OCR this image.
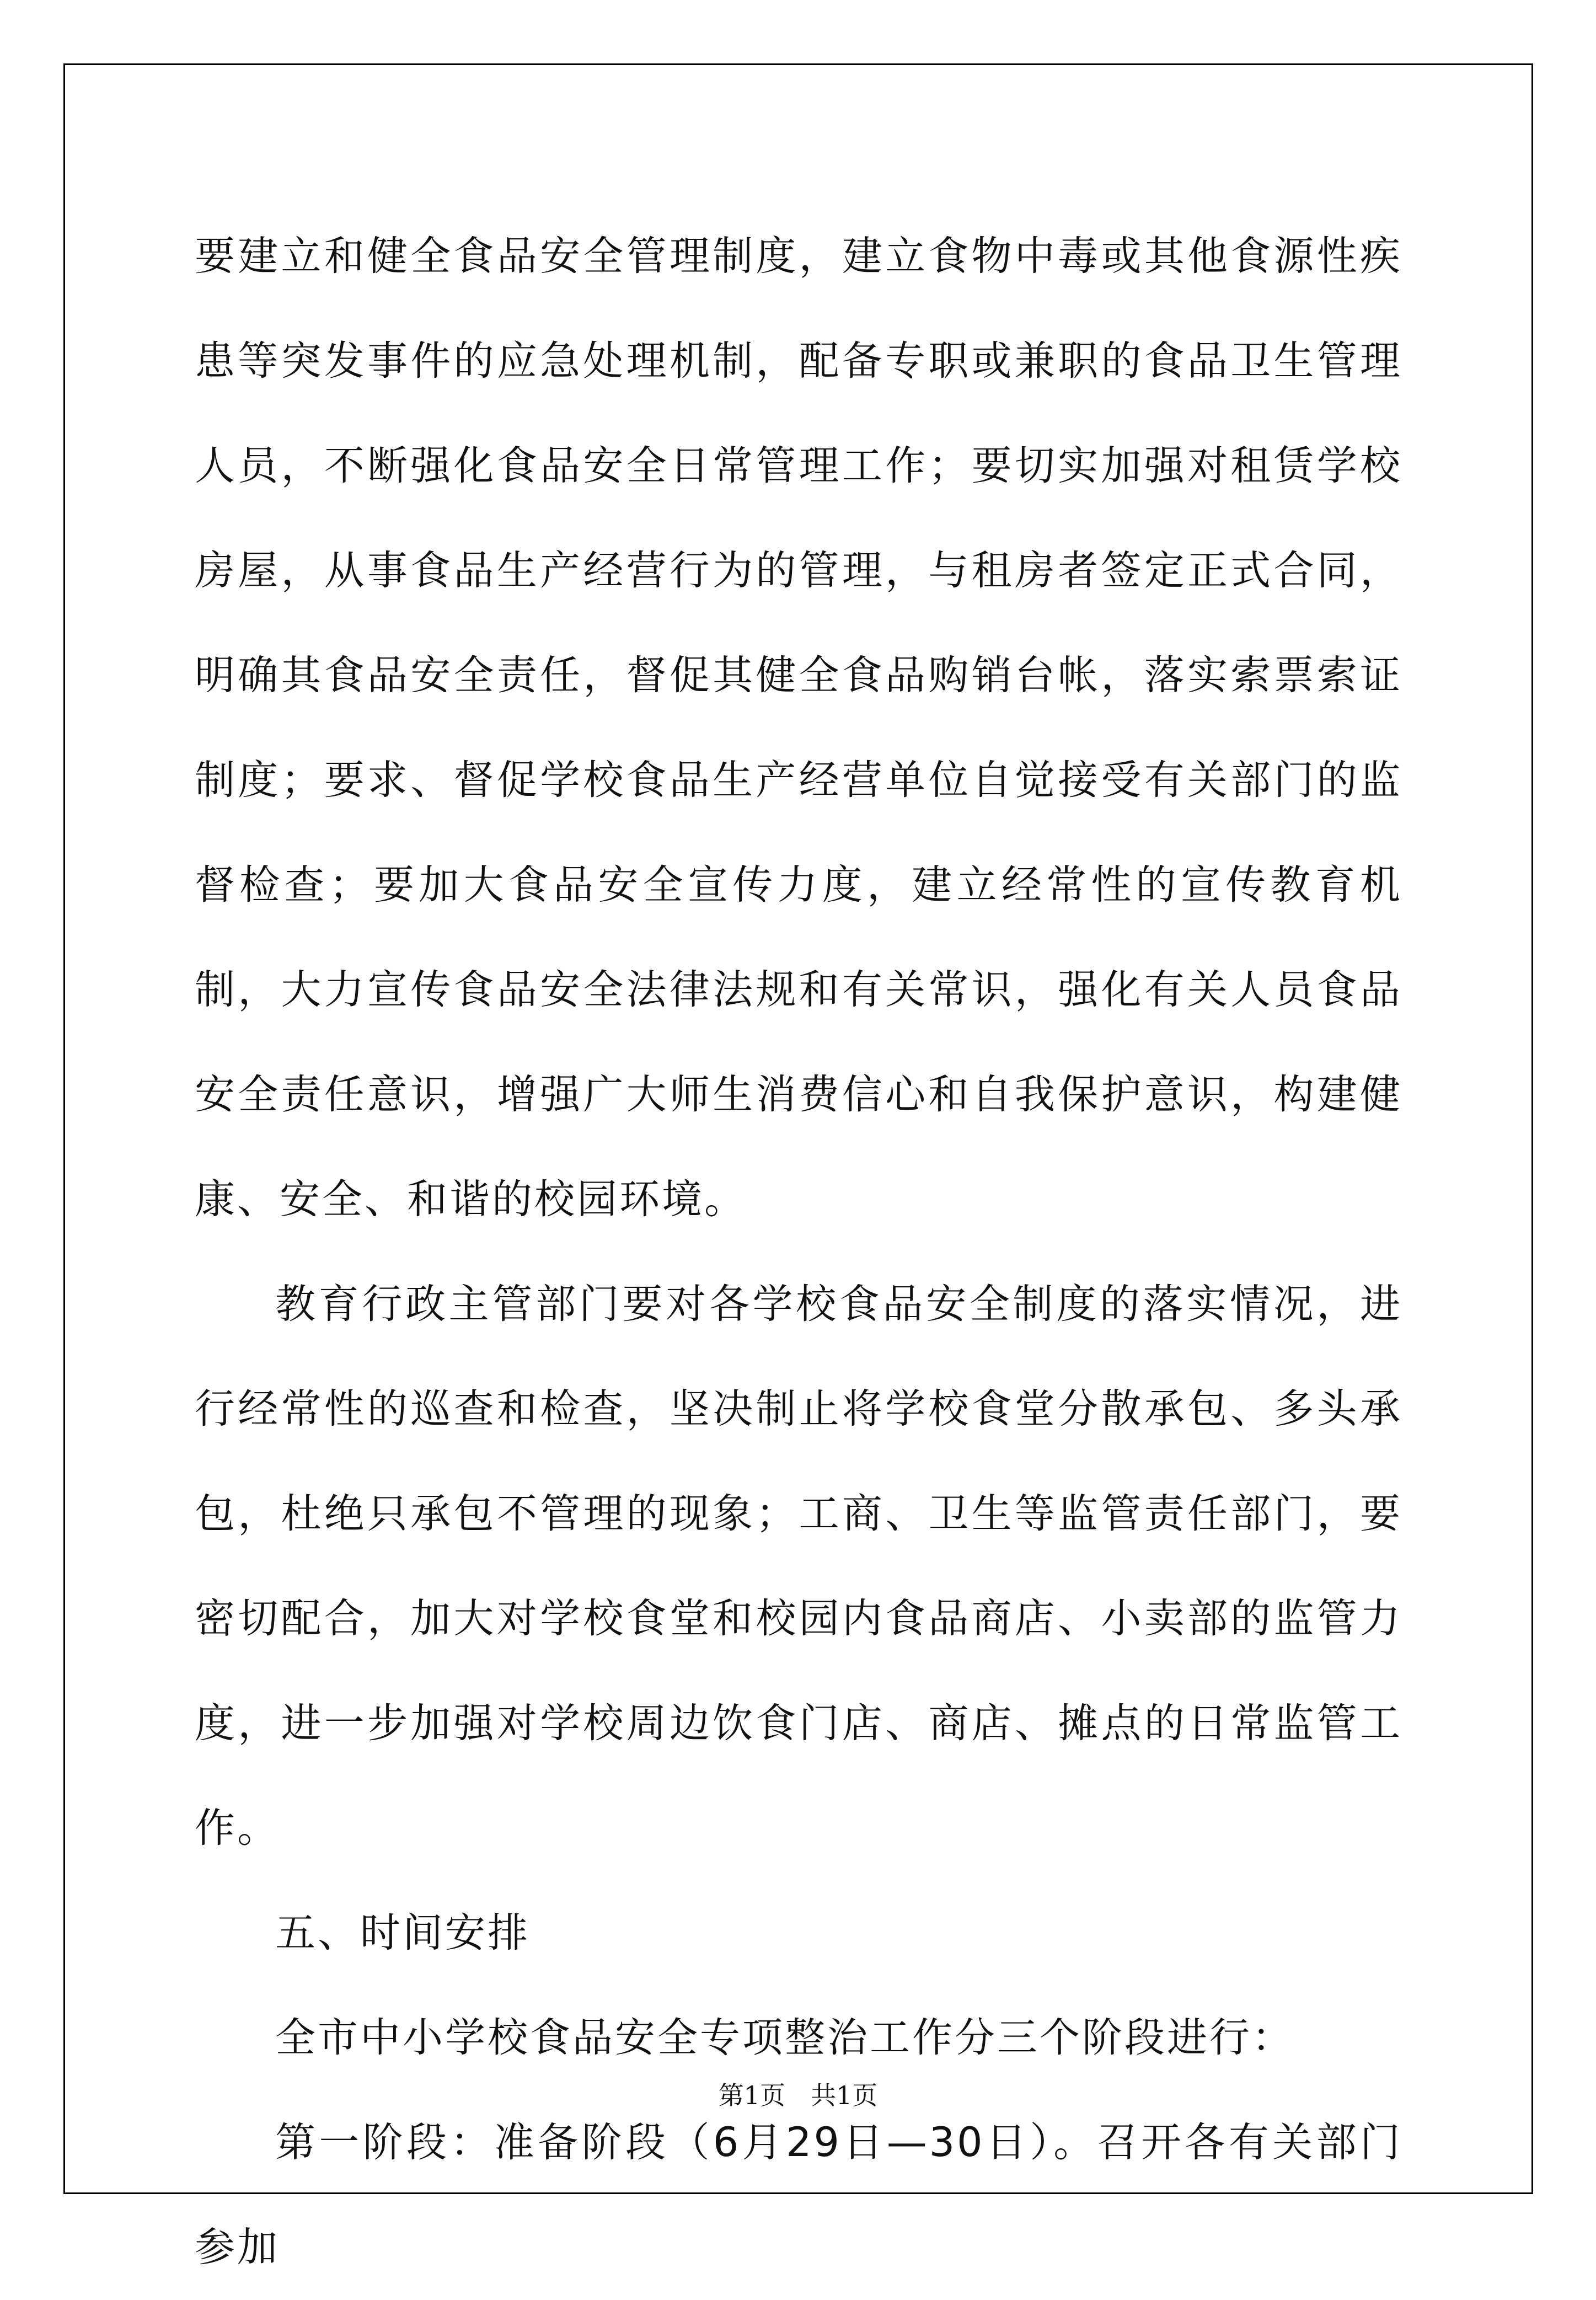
要建立和健全食品安全管理制度，建立食物中毒或其他食源性疾患等突发事件的应急处理机制，配备专职或兼职的食品卫生管理人员，不断强化食品安全日常管理工作；要切实加强对租赁学校房屋，从事食品生产经营行为的管理，与租房者签定正式合同，明确其食品安全责任，督促其健全食品购销台帐，落实索票索证制度；要求、督促学校食品生产经营单位自觉接受有关部门的监督检查；要加大食品安全宣传力度，建立经常性的宣传教育机制，大力宣传食品安全法律法规和有关常识，强化有关人员食品安全责任意识，增强广大师生消费信心和自我保护意识，构建健康、安全、和谐的校园环境。

教育行政主管部门要对各学校食品安全制度的落实情况，进行经常性的巡查和检查，坚决制止将学校食堂分散承包、多头承包，杜绝只承包不管理的现象；工商、卫生等监管责任部门，要密切配合，加大对学校食堂和校园内食品商店、小卖部的监管力度，进一步加强对学校周边饮食门店、商店、摊点的日常监管工作。

五、时间安排

全市中小学校食品安全专项整治工作分三个阶段进行：

第一阶段：准备阶段（6月29日—30日）。召开各有关部门参加

第1页　共1页
